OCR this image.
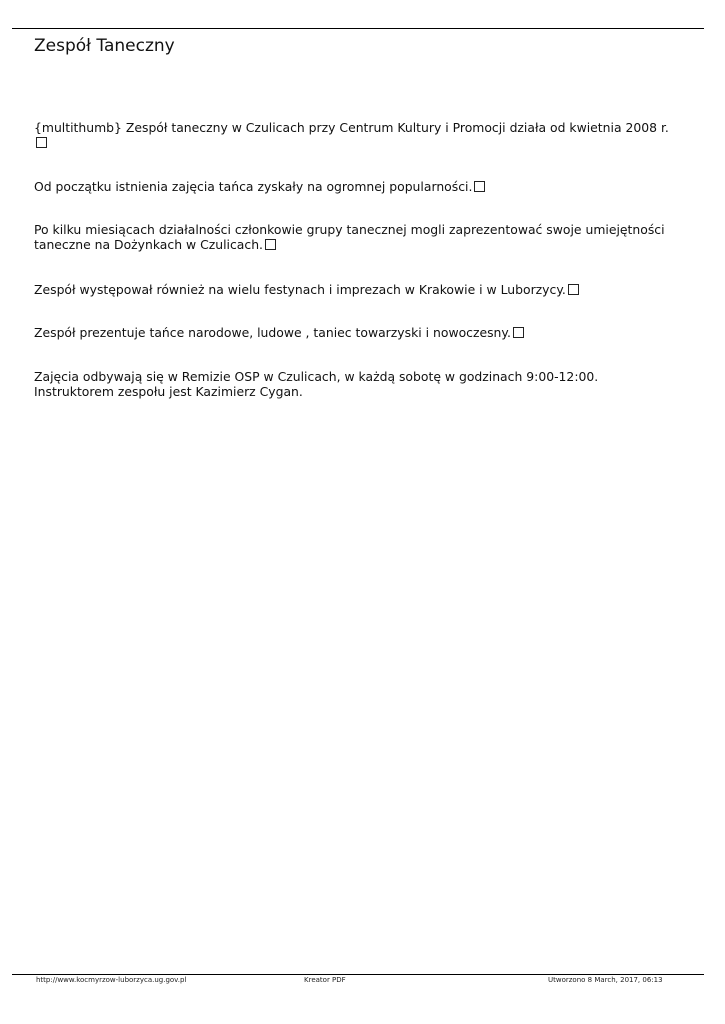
Zespół Taneczny

{multithumb} Zespół taneczny w Czulicach przy Centrum Kultury i Promocji działa od kwietnia 2008 r.

Od początku istnienia zajęcia tańca zyskały na ogromnej popularności.

Po kilku miesiącach działalności członkowie grupy tanecznej mogli zaprezentować swoje umiejętności taneczne na Dożynkach w Czulicach.

Zespół występował również na wielu festynach i imprezach w Krakowie i w Luborzycy.

Zespół prezentuje tańce narodowe, ludowe , taniec towarzyski i nowoczesny.

Zajęcia odbywają się w Remizie OSP w Czulicach, w każdą sobotę w godzinach 9:00-12:00. Instruktorem zespołu jest Kazimierz Cygan.

http://www.kocmyrzow-luborzyca.ug.gov.pl	Kreator PDF	Utworzono 8 March, 2017, 06:13
